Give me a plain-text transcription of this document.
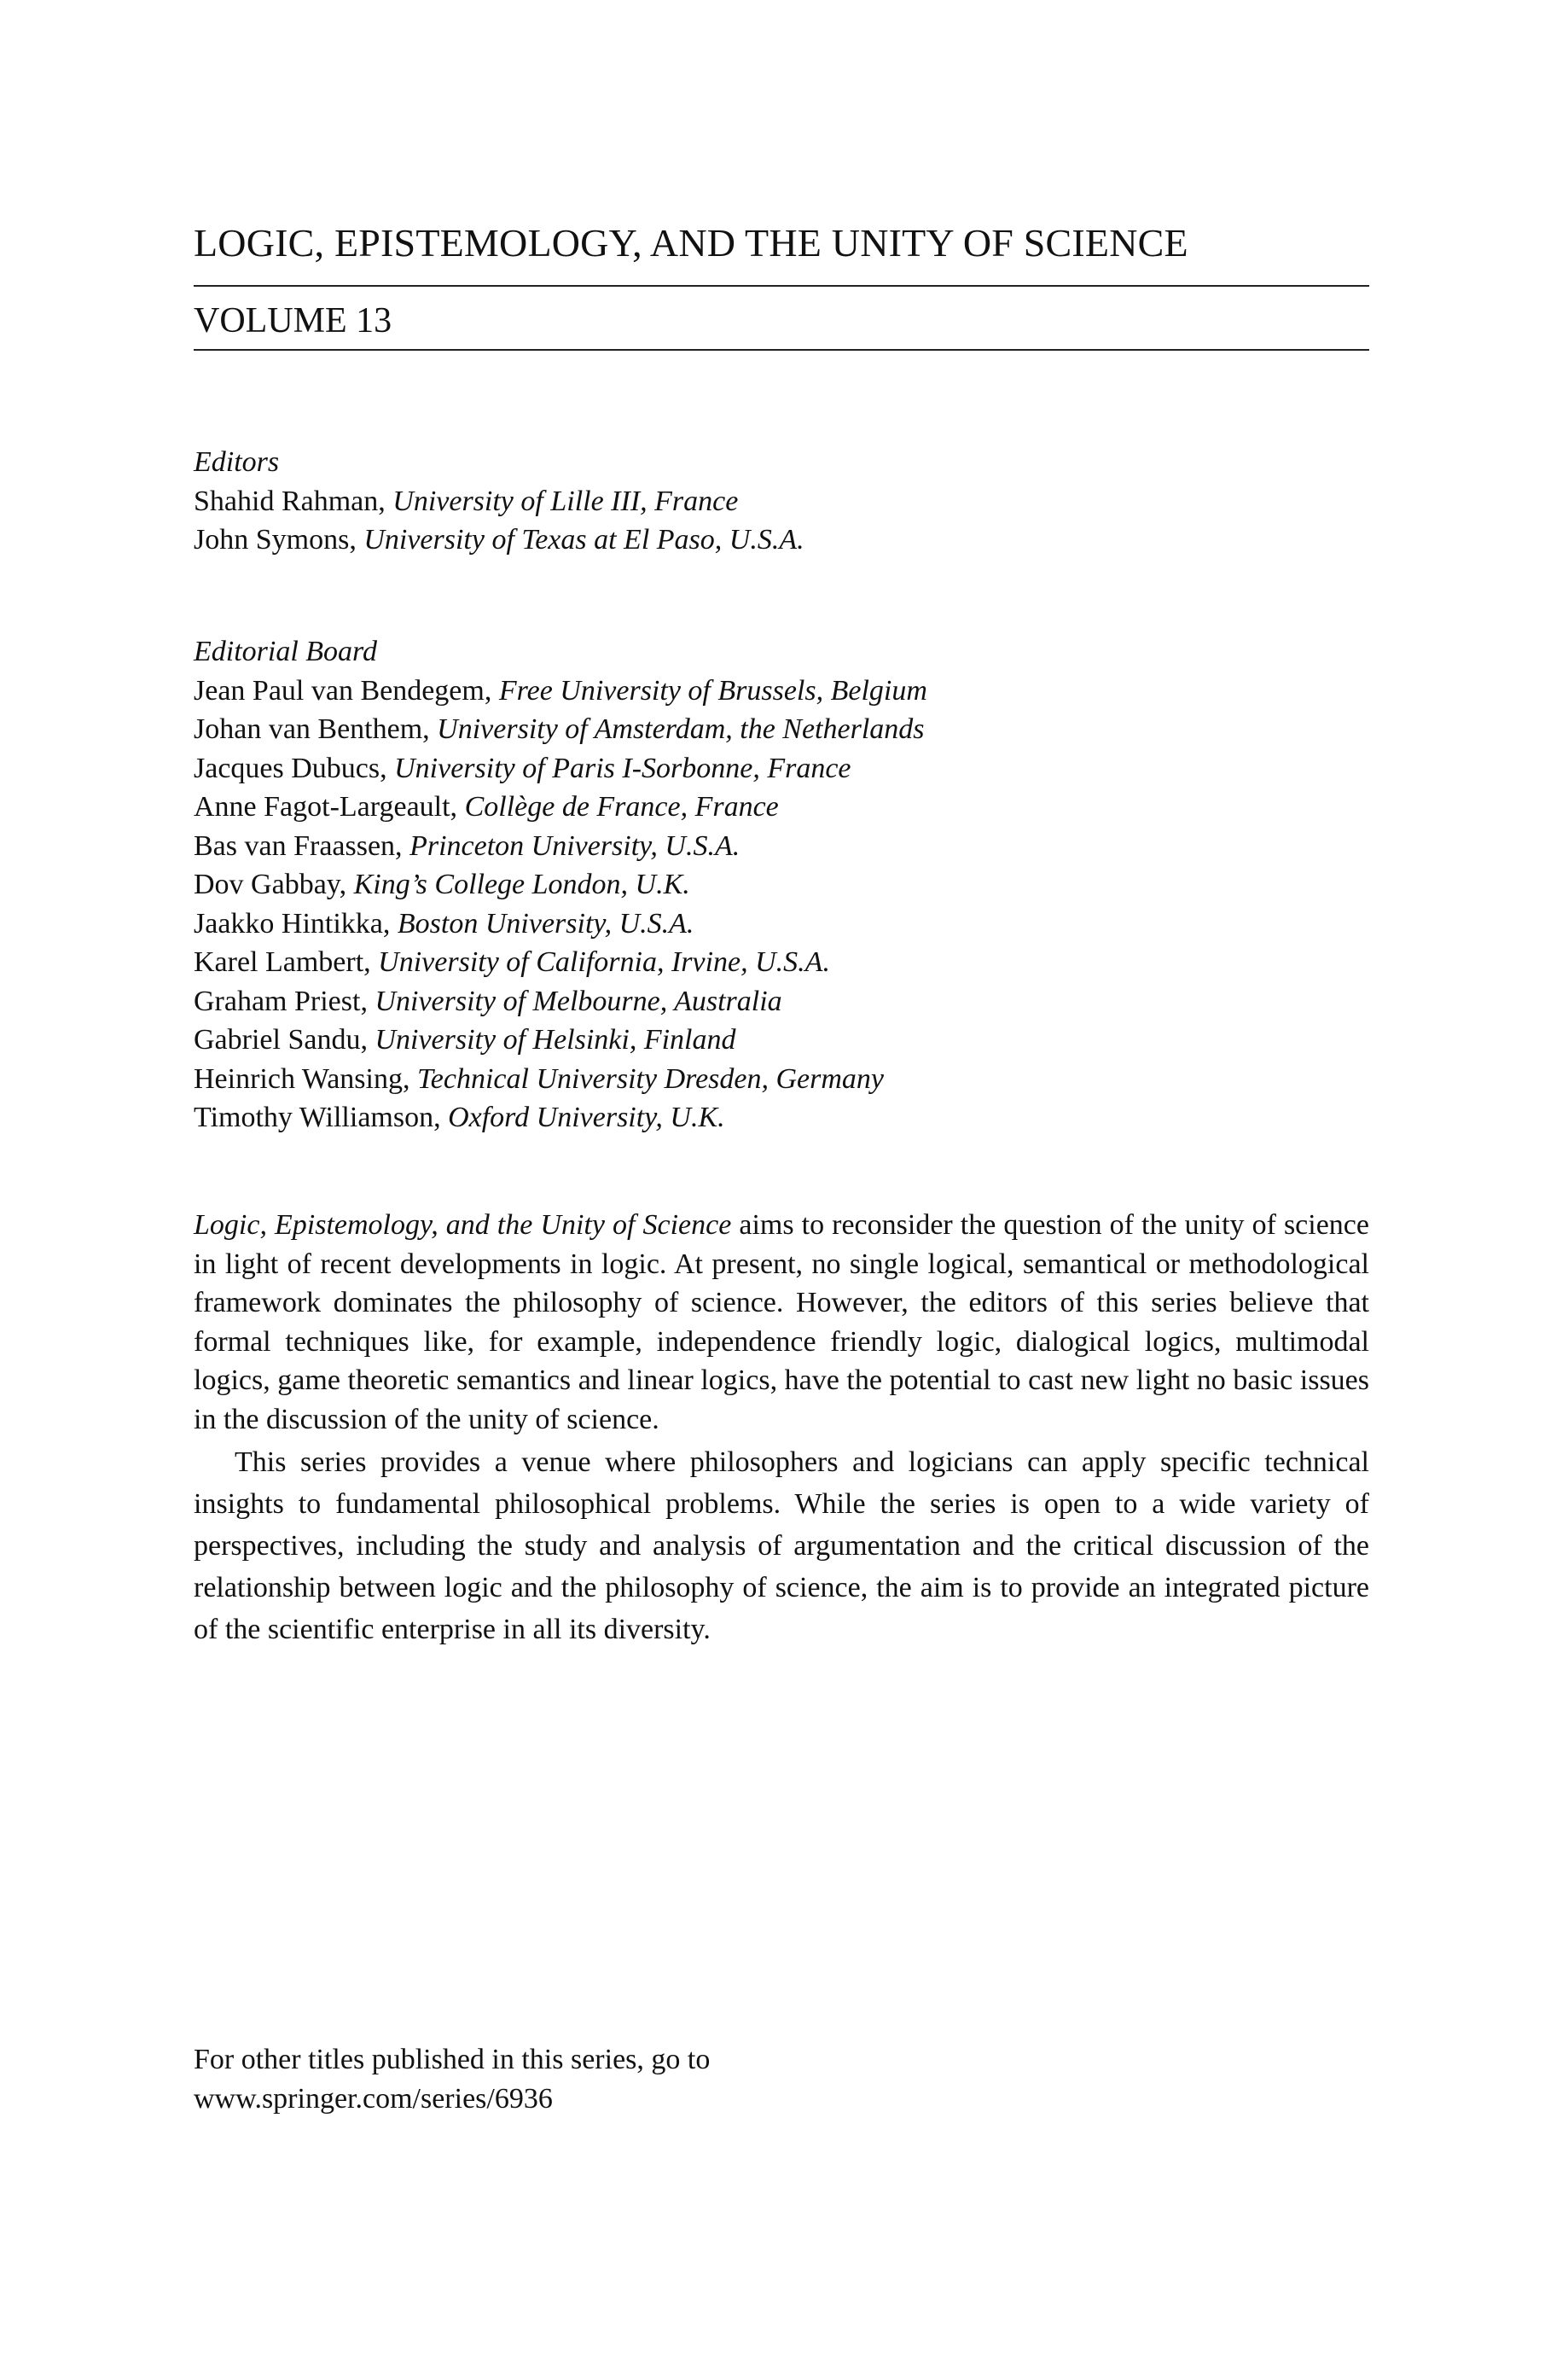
LOGIC, EPISTEMOLOGY, AND THE UNITY OF SCIENCE
VOLUME 13
Editors
Shahid Rahman, University of Lille III, France
John Symons, University of Texas at El Paso, U.S.A.
Editorial Board
Jean Paul van Bendegem, Free University of Brussels, Belgium
Johan van Benthem, University of Amsterdam, the Netherlands
Jacques Dubucs, University of Paris I-Sorbonne, France
Anne Fagot-Largeault, Collège de France, France
Bas van Fraassen, Princeton University, U.S.A.
Dov Gabbay, King’s College London, U.K.
Jaakko Hintikka, Boston University, U.S.A.
Karel Lambert, University of California, Irvine, U.S.A.
Graham Priest, University of Melbourne, Australia
Gabriel Sandu, University of Helsinki, Finland
Heinrich Wansing, Technical University Dresden, Germany
Timothy Williamson, Oxford University, U.K.

Logic, Epistemology, and the Unity of Science aims to reconsider the question of the unity of science in light of recent developments in logic. At present, no single logical, semantical or methodological framework dominates the philosophy of science. However, the editors of this series believe that formal techniques like, for example, independence friendly logic, dialogical logics, multimodal logics, game theoretic semantics and linear logics, have the potential to cast new light no basic issues in the discussion of the unity of science.

This series provides a venue where philosophers and logicians can apply specific technical insights to fundamental philosophical problems. While the series is open to a wide variety of perspectives, including the study and analysis of argumentation and the critical discussion of the relationship between logic and the philosophy of science, the aim is to provide an integrated picture of the scientific enterprise in all its diversity.

For other titles published in this series, go to
www.springer.com/series/6936
